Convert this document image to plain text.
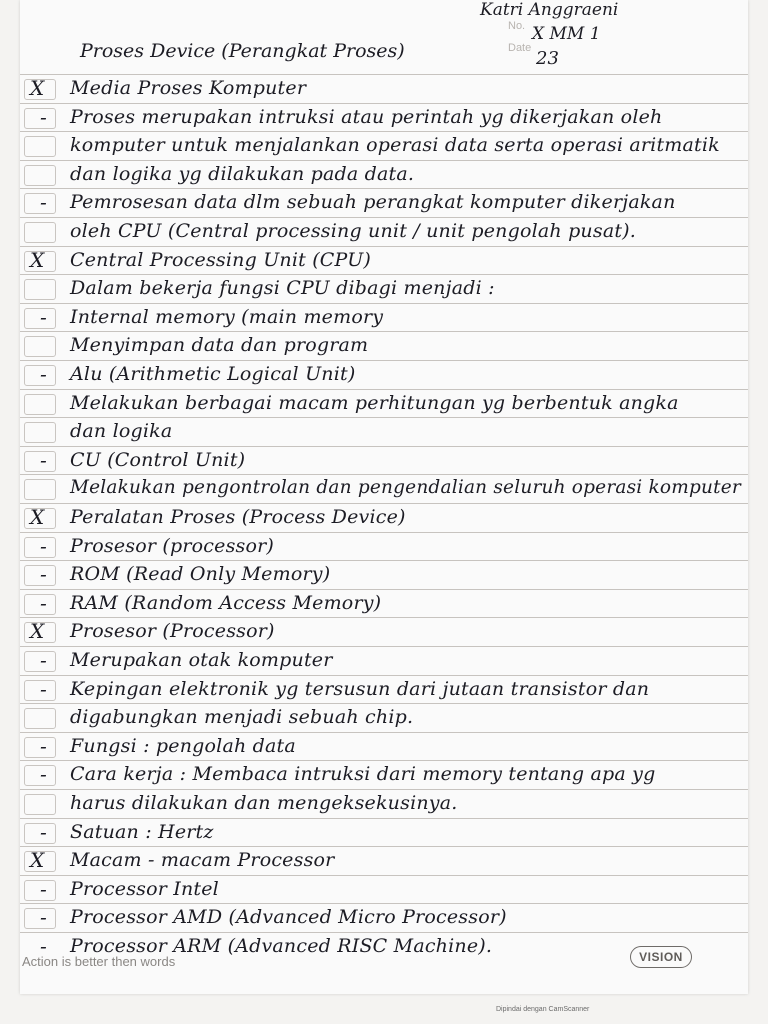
No.
Date
Katri Anggraeni
X MM 1
23
Proses Device (Perangkat Proses)
X Media Proses Komputer
- Proses merupakan intruksi atau perintah yg dikerjakan oleh
komputer untuk menjalankan operasi data serta operasi aritmatik
dan logika yg dilakukan pada data.
- Pemrosesan data dlm sebuah perangkat komputer dikerjakan
oleh CPU (Central processing unit / unit pengolah pusat).
X Central Processing Unit (CPU)
Dalam bekerja fungsi CPU dibagi menjadi :
- Internal memory (main memory
Menyimpan data dan program
- Alu (Arithmetic Logical Unit)
Melakukan berbagai macam perhitungan yg berbentuk angka
dan logika
- CU (Control Unit)
Melakukan pengontrolan dan pengendalian seluruh operasi komputer
X Peralatan Proses (Process Device)
- Prosesor (processor)
- ROM (Read Only Memory)
- RAM (Random Access Memory)
X Prosesor (Processor)
- Merupakan otak komputer
- Kepingan elektronik yg tersusun dari jutaan transistor dan
digabungkan menjadi sebuah chip.
- Fungsi : pengolah data
- Cara kerja : Membaca intruksi dari memory tentang apa yg
harus dilakukan dan mengeksekusinya.
- Satuan : Hertz
X Macam - macam Processor
- Processor Intel
- Processor AMD (Advanced Micro Processor)
- Processor ARM (Advanced RISC Machine).
Action is better then words	VISION
Dipindai dengan CamScanner
